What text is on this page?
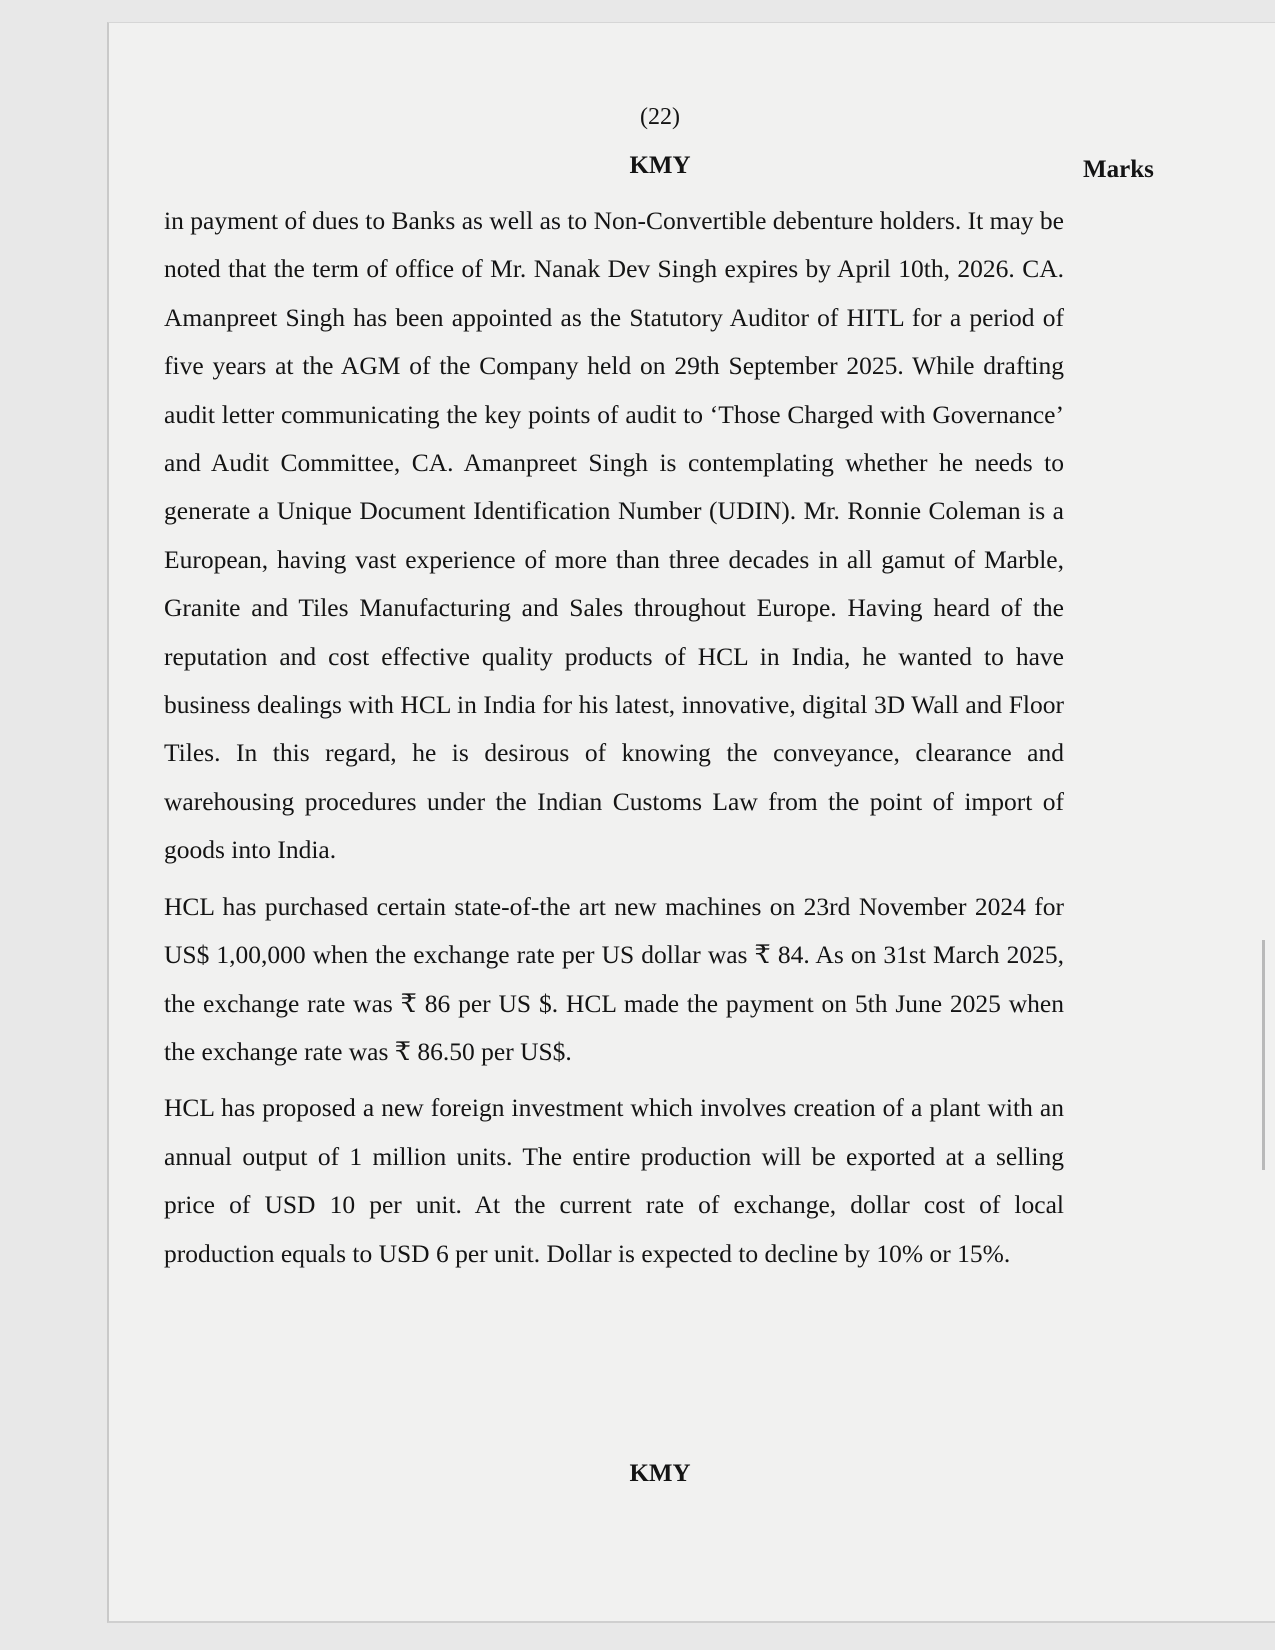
(22)
KMY	Marks

in payment of dues to Banks as well as to Non-Convertible debenture holders. It may be noted that the term of office of Mr. Nanak Dev Singh expires by April 10th, 2026. CA. Amanpreet Singh has been appointed as the Statutory Auditor of HITL for a period of five years at the AGM of the Company held on 29th September 2025. While drafting audit letter communicating the key points of audit to ‘Those Charged with Governance’ and Audit Committee, CA. Amanpreet Singh is contemplating whether he needs to generate a Unique Document Identification Number (UDIN). Mr. Ronnie Coleman is a European, having vast experience of more than three decades in all gamut of Marble, Granite and Tiles Manufacturing and Sales throughout Europe. Having heard of the reputation and cost effective quality products of HCL in India, he wanted to have business dealings with HCL in India for his latest, innovative, digital 3D Wall and Floor Tiles. In this regard, he is desirous of knowing the conveyance, clearance and warehousing procedures under the Indian Customs Law from the point of import of goods into India.

HCL has purchased certain state-of-the art new machines on 23rd November 2024 for US$ 1,00,000 when the exchange rate per US dollar was ₹ 84. As on 31st March 2025, the exchange rate was ₹ 86 per US $. HCL made the payment on 5th June 2025 when the exchange rate was ₹ 86.50 per US$.

HCL has proposed a new foreign investment which involves creation of a plant with an annual output of 1 million units. The entire production will be exported at a selling price of USD 10 per unit. At the current rate of exchange, dollar cost of local production equals to USD 6 per unit. Dollar is expected to decline by 10% or 15%.

KMY
